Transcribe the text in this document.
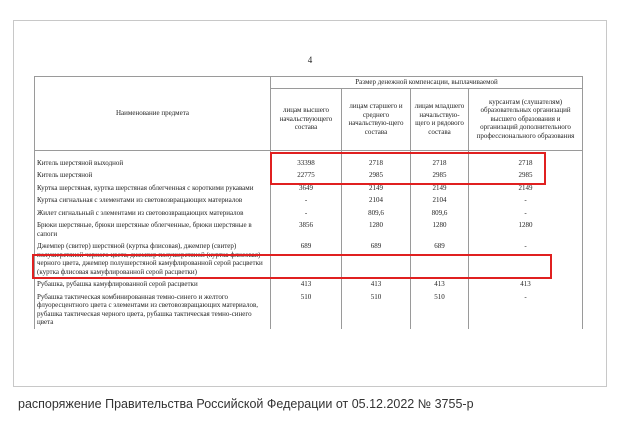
4
Наименование предмета	Размер денежной компенсации, выплачиваемой			
	лицам высшего начальствующего состава	лицам старшего и среднего начальствую-щего состава	лицам младшего начальствую-щего и рядового состава	курсантам (слушателям) образовательных организаций высшего образования и организаций дополнительного профессионального образования

Китель шерстяной выходной	33398	2718	2718	2718
Китель шерстяной	22775	2985	2985	2985
Куртка шерстяная, куртка шерстяная облегченная с короткими рукавами	3649	2149	2149	2149
Куртка сигнальная с элементами из световозвращающих материалов	-	2104	2104	-
Жилет сигнальный с элементами из световозвращающих материалов	-	809,6	809,6	-
Брюки шерстяные, брюки шерстяные облегченные, брюки шерстяные в сапоги	3856	1280	1280	1280
Джемпер (свитер) шерстяной (куртка флисовая), джемпер (свитер) полушерстяной черного цвета, джемпер полушерстяной (куртка флисовая) черного цвета, джемпер полушерстяной камуфлированной серой расцветки (куртка флисовая камуфлированной серой расцветки)	689	689	689	-
Рубашка, рубашка камуфлированной серой расцветки	413	413	413	413
Рубашка тактическая комбинированная темно-синего и желтого флуоресцентного цвета с элементами из световозвращающих материалов, рубашка тактическая черного цвета, рубашка тактическая темно-синего цвета	510	510	510	-
распоряжение Правительства Российской Федерации от 05.12.2022 № 3755-р
